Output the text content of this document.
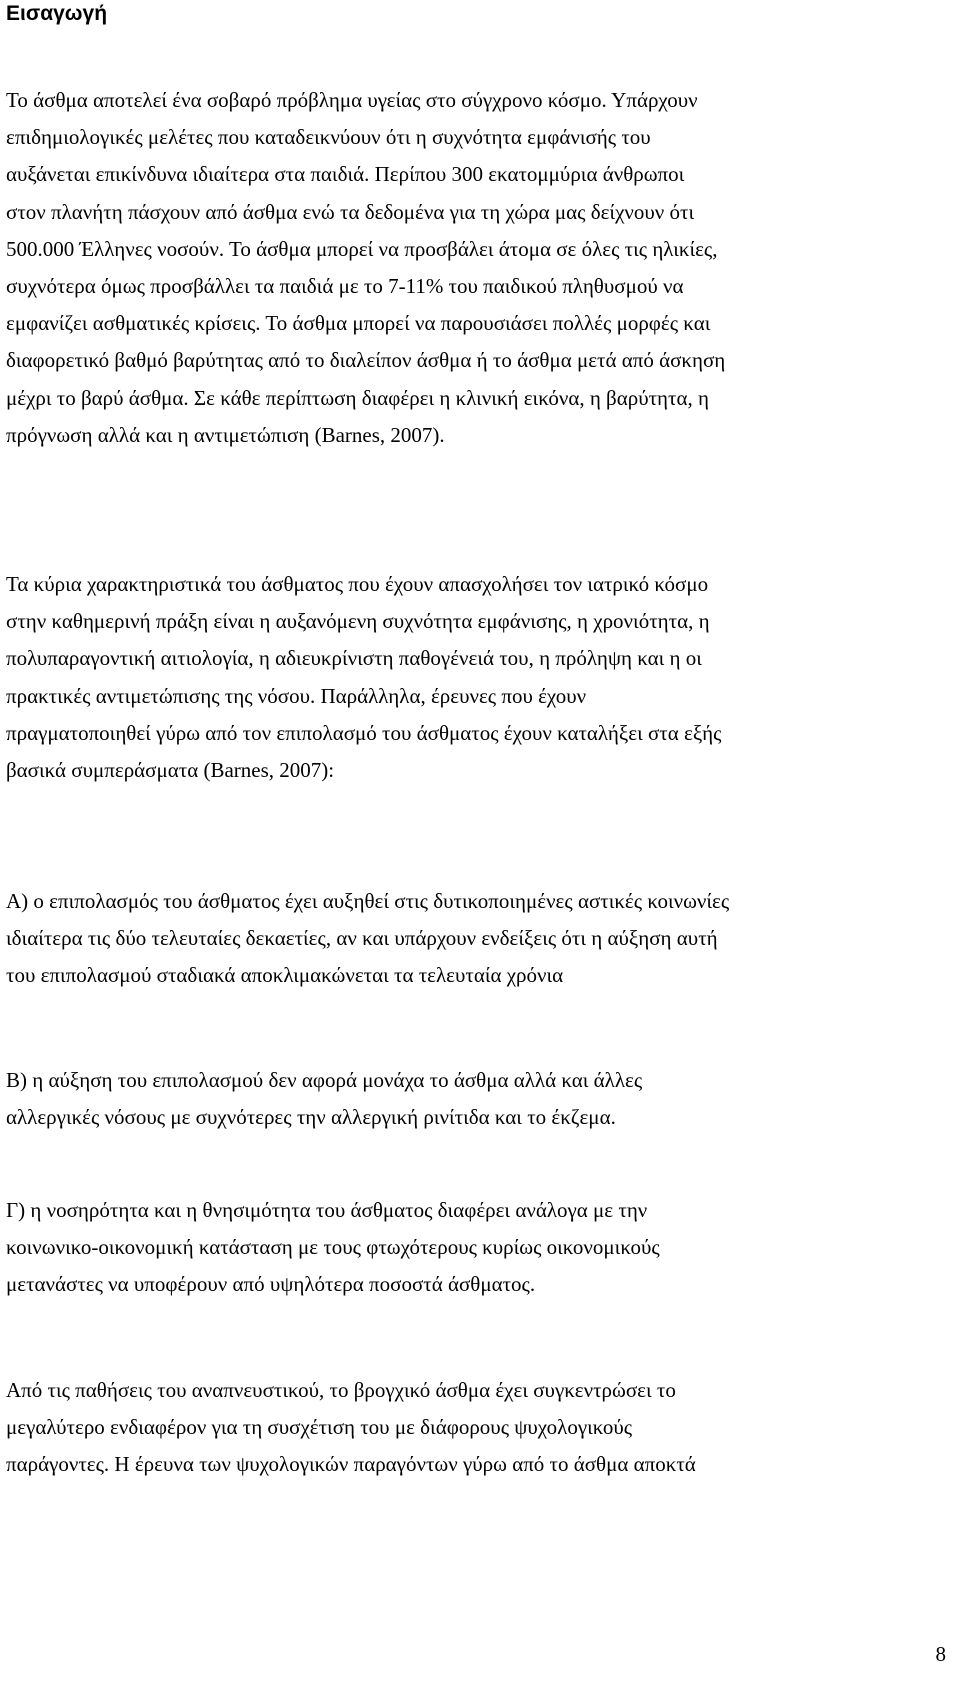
Εισαγωγή

Το άσθμα αποτελεί ένα σοβαρό πρόβλημα υγείας στο σύγχρονο κόσμο. Υπάρχουν
επιδημιολογικές μελέτες που καταδεικνύουν ότι η συχνότητα εμφάνισής του
αυξάνεται επικίνδυνα ιδιαίτερα στα παιδιά. Περίπου 300 εκατομμύρια άνθρωποι
στον πλανήτη πάσχουν από άσθμα ενώ τα δεδομένα για τη χώρα μας δείχνουν ότι
500.000 Έλληνες νοσούν. Το άσθμα μπορεί να προσβάλει άτομα σε όλες τις ηλικίες,
συχνότερα όμως προσβάλλει τα παιδιά με το 7-11% του παιδικού πληθυσμού να
εμφανίζει ασθματικές κρίσεις. Το άσθμα μπορεί να παρουσιάσει πολλές μορφές και
διαφορετικό βαθμό βαρύτητας από το διαλείπον άσθμα ή το άσθμα μετά από άσκηση
μέχρι το βαρύ άσθμα. Σε κάθε περίπτωση διαφέρει η κλινική εικόνα, η βαρύτητα, η
πρόγνωση αλλά και η αντιμετώπιση (Barnes, 2007).

Τα κύρια χαρακτηριστικά του άσθματος που έχουν απασχολήσει τον ιατρικό κόσμο
στην καθημερινή πράξη είναι η αυξανόμενη συχνότητα εμφάνισης, η χρονιότητα, η
πολυπαραγοντική αιτιολογία, η αδιευκρίνιστη παθογένειά του, η πρόληψη και η οι
πρακτικές αντιμετώπισης της νόσου. Παράλληλα, έρευνες που έχουν
πραγματοποιηθεί γύρω από τον επιπολασμό του άσθματος έχουν καταλήξει στα εξής
βασικά συμπεράσματα (Barnes, 2007):

Α) ο επιπολασμός του άσθματος έχει αυξηθεί στις δυτικοποιημένες αστικές κοινωνίες
ιδιαίτερα τις δύο τελευταίες δεκαετίες, αν και υπάρχουν ενδείξεις ότι η αύξηση αυτή
του επιπολασμού σταδιακά αποκλιμακώνεται τα τελευταία χρόνια

Β) η αύξηση του επιπολασμού δεν αφορά μονάχα το άσθμα αλλά και άλλες
αλλεργικές νόσους με συχνότερες την αλλεργική ρινίτιδα και το έκζεμα.

Γ) η νοσηρότητα και η θνησιμότητα του άσθματος διαφέρει ανάλογα με την
κοινωνικο-οικονομική κατάσταση με τους φτωχότερους κυρίως οικονομικούς
μετανάστες να υποφέρουν από υψηλότερα ποσοστά άσθματος.

Από τις παθήσεις του αναπνευστικού, το βρογχικό άσθμα έχει συγκεντρώσει το
μεγαλύτερο ενδιαφέρον για τη συσχέτιση του με διάφορους ψυχολογικούς
παράγοντες. Η έρευνα των ψυχολογικών παραγόντων γύρω από το άσθμα αποκτά

8
